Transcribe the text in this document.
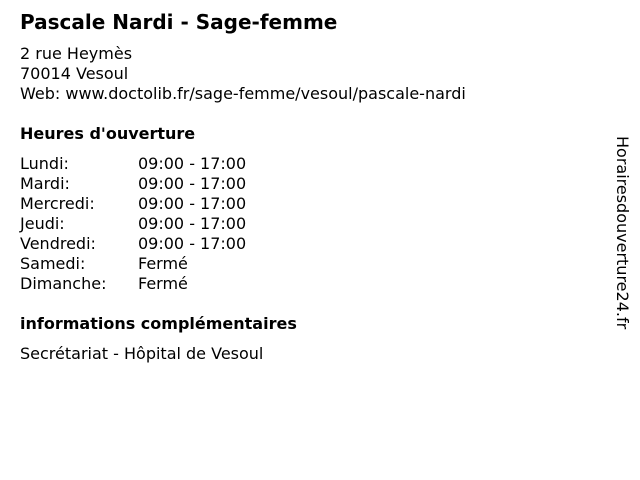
Pascale Nardi - Sage-femme
2 rue Heymès
70014 Vesoul
Web: www.doctolib.fr/sage-femme/vesoul/pascale-nardi
Heures d'ouverture
Lundi:	09:00 - 17:00
Mardi:	09:00 - 17:00
Mercredi:	09:00 - 17:00
Jeudi:	09:00 - 17:00
Vendredi:	09:00 - 17:00
Samedi:	Fermé
Dimanche: Fermé
informations complémentaires
Secrétariat - Hôpital de Vesoul
Horairesdouverture24.fr
